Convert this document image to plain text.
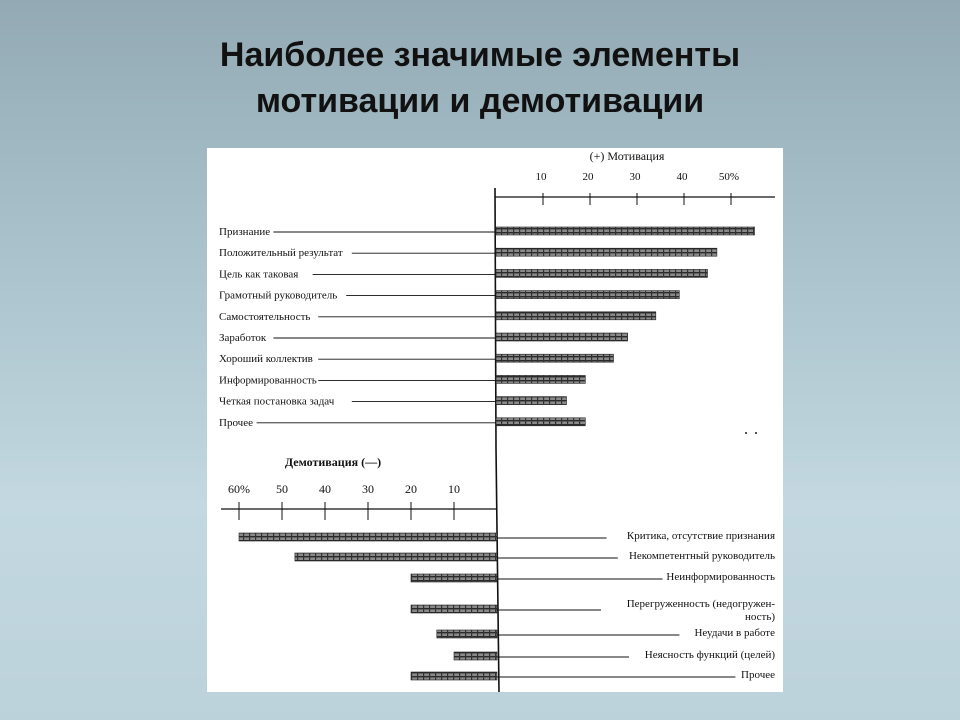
Наиболее значимые элементы
мотивации и демотивации
(+) Мотивация
10	20	30	40	50%
Признание
Положительный результат
Цель как таковая
Грамотный руководитель
Самостоятельность
Заработок
Хороший коллектив
Информированность
Четкая постановка задач
Прочее
Демотивация (—)
60% 50	40	30	20	10
Критика, отсутствие признания
Некомпетентный руководитель
Неинформированность
Перегруженность (недогружен-ность)
Неудачи в работе
Неясность функций (целей)
Прочее
